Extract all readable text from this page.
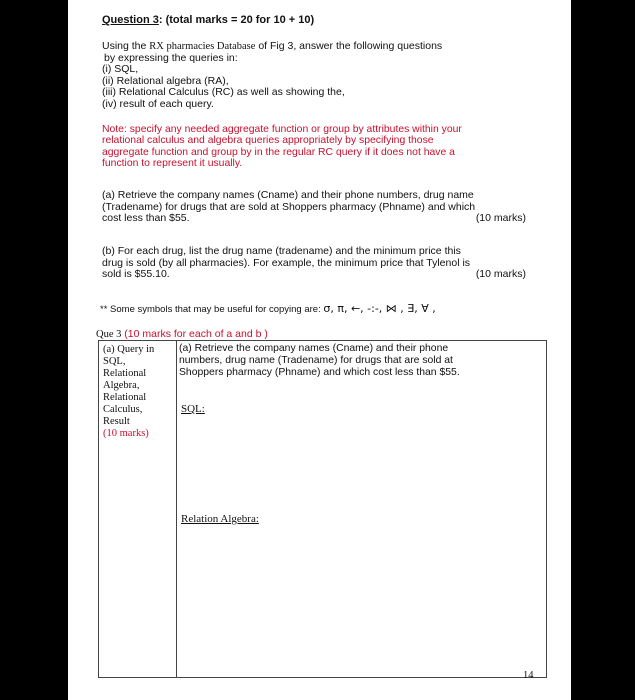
Question 3: (total marks = 20 for 10 + 10)
Using the RX pharmacies Database of Fig 3, answer the following questions
by expressing the queries in:
(i) SQL,
(ii) Relational algebra (RA),
(iii) Relational Calculus (RC) as well as showing the,
(iv) result of each query.
Note: specify any needed aggregate function or group by attributes within your
relational calculus and algebra queries appropriately by specifying those
aggregate function and group by in the regular RC query if it does not have a
function to represent it usually.
(a) Retrieve the company names (Cname) and their phone numbers, drug name
(Tradename) for drugs that are sold at Shoppers pharmacy (Phname) and which
cost less than $55.	(10 marks)
(b) For each drug, list the drug name (tradename) and the minimum price this
drug is sold (by all pharmacies). For example, the minimum price that Tylenol is
sold is $55.10.	(10 marks)
** Some symbols that may be useful for copying are: σ, π, ←, -:-, ⋈ , ∃, ∀ ,
Que 3 (10 marks for each of a and b )
(a) Query in
SQL,
Relational
Algebra,
Relational
Calculus,
Result
(10 marks)
(a) Retrieve the company names (Cname) and their phone
numbers, drug name (Tradename) for drugs that are sold at
Shoppers pharmacy (Phname) and which cost less than $55.
SQL:
Relation Algebra:
14
